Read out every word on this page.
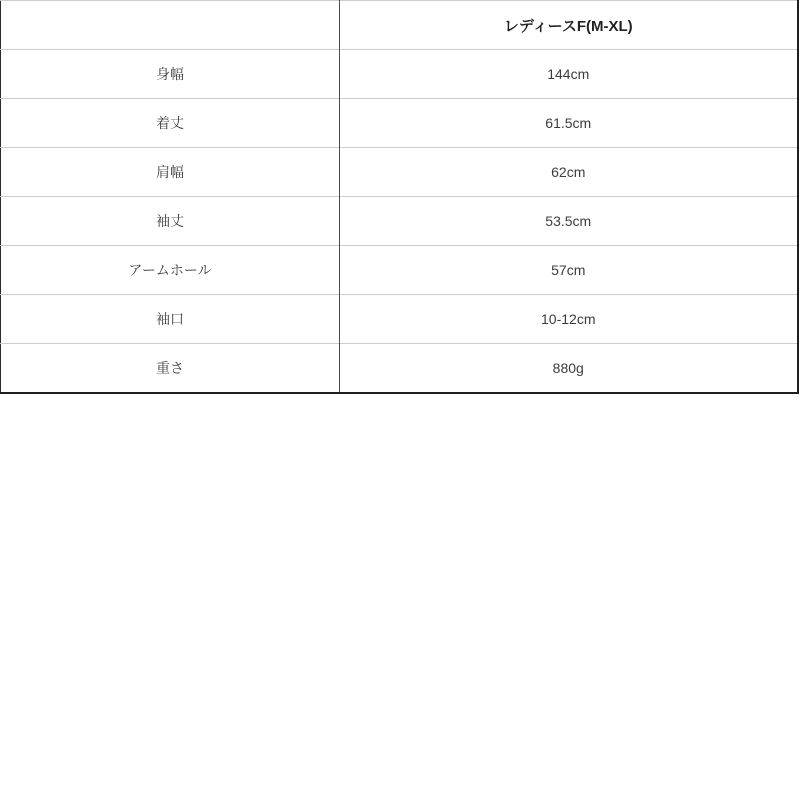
	レディースF(M-XL)
身幅	144cm
着丈	61.5cm
肩幅	62cm
袖丈	53.5cm
アームホール	57cm
袖口	10-12cm
重さ	880g
